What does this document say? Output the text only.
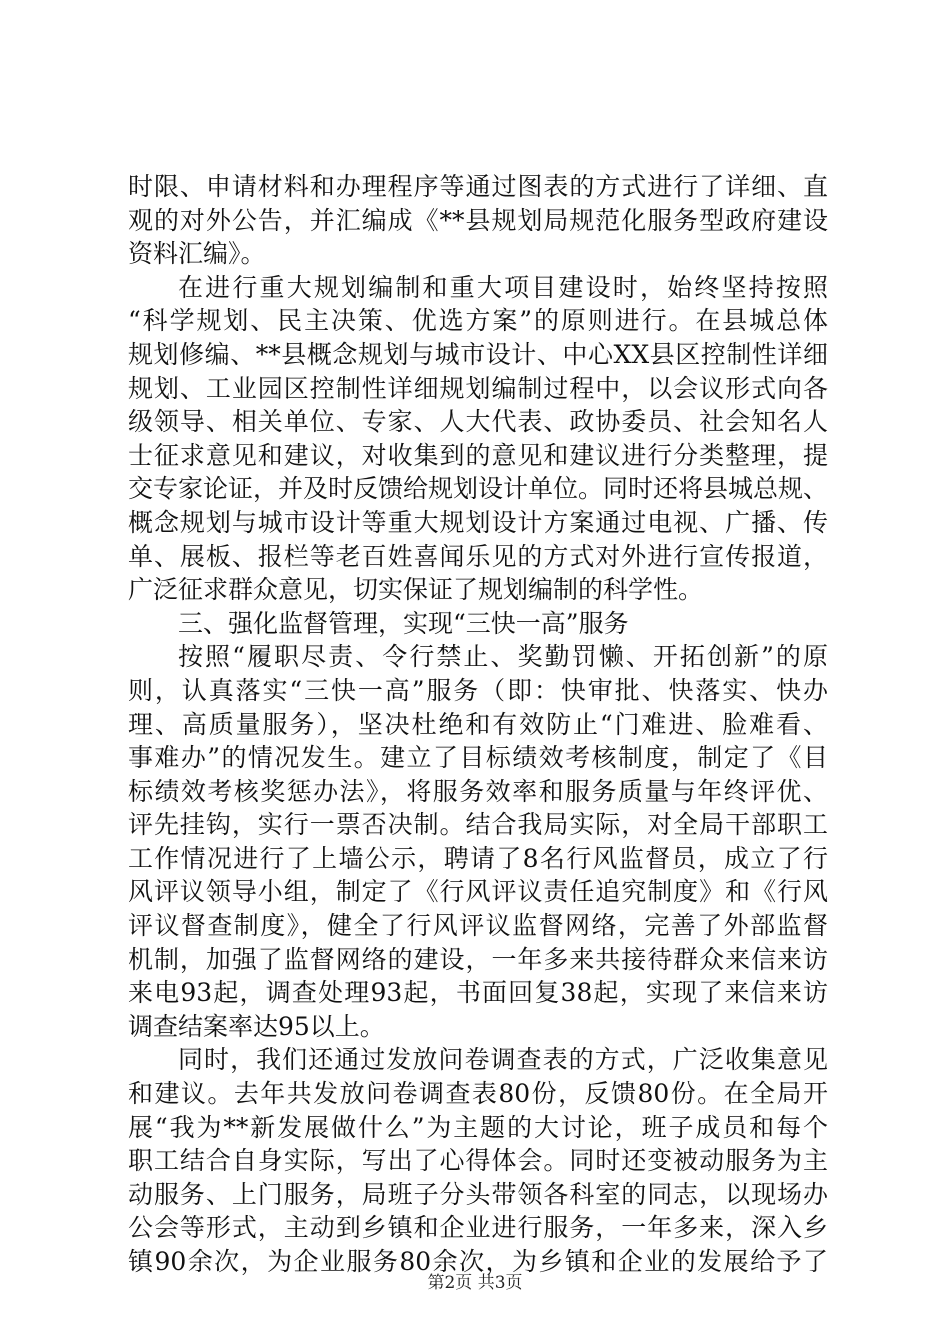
时限、申请材料和办理程序等通过图表的方式进行了详细、直
观的对外公告，并汇编成《**县规划局规范化服务型政府建设
资料汇编》。
在进行重大规划编制和重大项目建设时，始终坚持按照
“科学规划、民主决策、优选方案”的原则进行。在县城总体
规划修编、**县概念规划与城市设计、中心XX县区控制性详细
规划、工业园区控制性详细规划编制过程中，以会议形式向各
级领导、相关单位、专家、人大代表、政协委员、社会知名人
士征求意见和建议，对收集到的意见和建议进行分类整理，提
交专家论证，并及时反馈给规划设计单位。同时还将县城总规、
概念规划与城市设计等重大规划设计方案通过电视、广播、传
单、展板、报栏等老百姓喜闻乐见的方式对外进行宣传报道，
广泛征求群众意见，切实保证了规划编制的科学性。
三、强化监督管理，实现“三快一高”服务
按照“履职尽责、令行禁止、奖勤罚懒、开拓创新”的原
则，认真落实“三快一高”服务（即：快审批、快落实、快办
理、高质量服务），坚决杜绝和有效防止“门难进、脸难看、
事难办”的情况发生。建立了目标绩效考核制度，制定了《目
标绩效考核奖惩办法》，将服务效率和服务质量与年终评优、
评先挂钩，实行一票否决制。结合我局实际，对全局干部职工
工作情况进行了上墙公示，聘请了8名行风监督员，成立了行
风评议领导小组，制定了《行风评议责任追究制度》和《行风
评议督查制度》，健全了行风评议监督网络，完善了外部监督
机制，加强了监督网络的建设，一年多来共接待群众来信来访
来电93起，调查处理93起，书面回复38起，实现了来信来访
调查结案率达95以上。
同时，我们还通过发放问卷调查表的方式，广泛收集意见
和建议。去年共发放问卷调查表80份，反馈80份。在全局开
展“我为**新发展做什么”为主题的大讨论，班子成员和每个
职工结合自身实际，写出了心得体会。同时还变被动服务为主
动服务、上门服务，局班子分头带领各科室的同志，以现场办
公会等形式，主动到乡镇和企业进行服务，一年多来，深入乡
镇90余次，为企业服务80余次，为乡镇和企业的发展给予了
第2页 共3页
